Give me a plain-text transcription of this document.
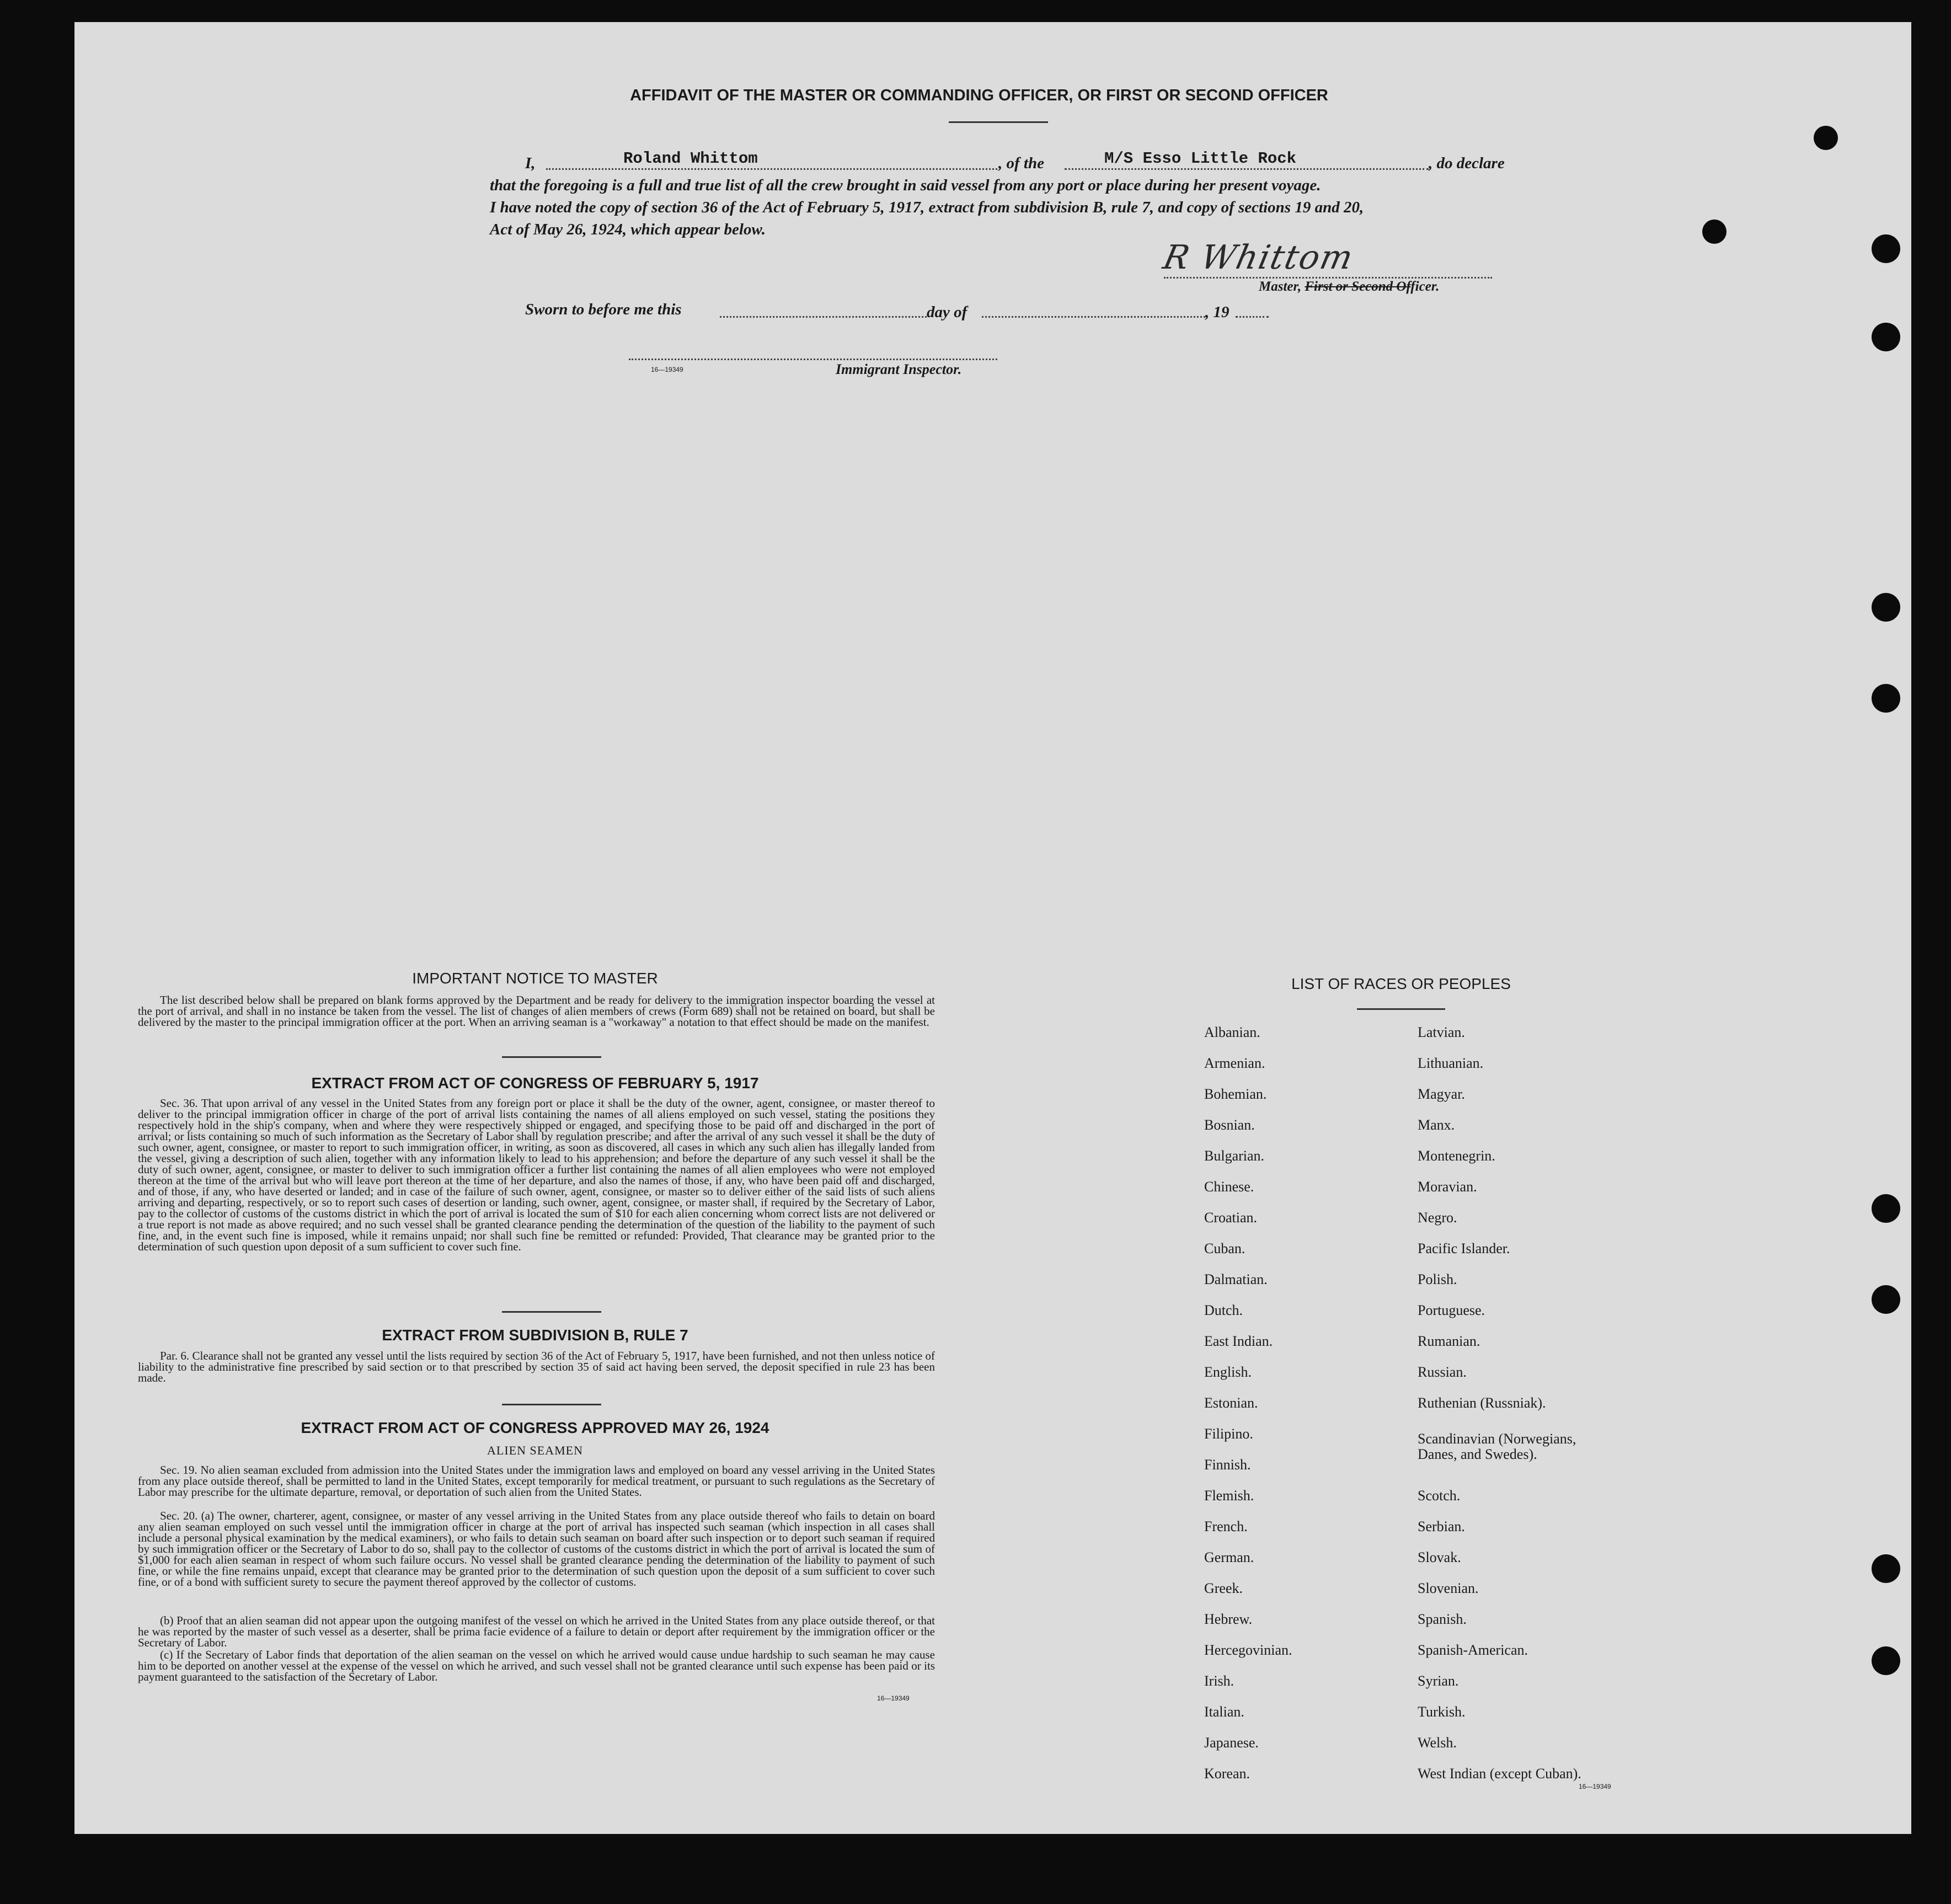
AFFIDAVIT OF THE MASTER OR COMMANDING OFFICER, OR FIRST OR SECOND OFFICER
I,	Roland Whittom	, of the	M/S Esso Little Rock	, do declare
that the foregoing is a full and true list of all the crew brought in said vessel from any port or place during her present voyage.
I have noted the copy of section 36 of the Act of February 5, 1917, extract from subdivision B, rule 7, and copy of sections 19 and 20,
Act of May 26, 1924, which appear below.
R Whittom
Master, First or Second Officer.
Sworn to before me this	day of	, 19
16—19349	Immigrant Inspector.
IMPORTANT NOTICE TO MASTER
The list described below shall be prepared on blank forms approved by the Department and be ready for delivery to the immigration inspector boarding the vessel at the port of arrival, and shall in no instance be taken from the vessel. The list of changes of alien members of crews (Form 689) shall not be retained on board, but shall be delivered by the master to the principal immigration officer at the port. When an arriving seaman is a "workaway" a notation to that effect should be made on the manifest.
EXTRACT FROM ACT OF CONGRESS OF FEBRUARY 5, 1917
Sec. 36. That upon arrival of any vessel in the United States from any foreign port or place it shall be the duty of the owner, agent, consignee, or master thereof to deliver to the principal immigration officer in charge of the port of arrival lists containing the names of all aliens employed on such vessel, stating the positions they respectively hold in the ship's company, when and where they were respectively shipped or engaged, and specifying those to be paid off and discharged in the port of arrival; or lists containing so much of such information as the Secretary of Labor shall by regulation prescribe; and after the arrival of any such vessel it shall be the duty of such owner, agent, consignee, or master to report to such immigration officer, in writing, as soon as discovered, all cases in which any such alien has illegally landed from the vessel, giving a description of such alien, together with any information likely to lead to his apprehension; and before the departure of any such vessel it shall be the duty of such owner, agent, consignee, or master to deliver to such immigration officer a further list containing the names of all alien employees who were not employed thereon at the time of the arrival but who will leave port thereon at the time of her departure, and also the names of those, if any, who have been paid off and discharged, and of those, if any, who have deserted or landed; and in case of the failure of such owner, agent, consignee, or master so to deliver either of the said lists of such aliens arriving and departing, respectively, or so to report such cases of desertion or landing, such owner, agent, consignee, or master shall, if required by the Secretary of Labor, pay to the collector of customs of the customs district in which the port of arrival is located the sum of $10 for each alien concerning whom correct lists are not delivered or a true report is not made as above required; and no such vessel shall be granted clearance pending the determination of the question of the liability to the payment of such fine, and, in the event such fine is imposed, while it remains unpaid; nor shall such fine be remitted or refunded: Provided, That clearance may be granted prior to the determination of such question upon deposit of a sum sufficient to cover such fine.
EXTRACT FROM SUBDIVISION B, RULE 7
Par. 6. Clearance shall not be granted any vessel until the lists required by section 36 of the Act of February 5, 1917, have been furnished, and not then unless notice of liability to the administrative fine prescribed by said section or to that prescribed by section 35 of said act having been served, the deposit specified in rule 23 has been made.
EXTRACT FROM ACT OF CONGRESS APPROVED MAY 26, 1924
ALIEN SEAMEN
Sec. 19. No alien seaman excluded from admission into the United States under the immigration laws and employed on board any vessel arriving in the United States from any place outside thereof, shall be permitted to land in the United States, except temporarily for medical treatment, or pursuant to such regulations as the Secretary of Labor may prescribe for the ultimate departure, removal, or deportation of such alien from the United States.
Sec. 20. (a) The owner, charterer, agent, consignee, or master of any vessel arriving in the United States from any place outside thereof who fails to detain on board any alien seaman employed on such vessel until the immigration officer in charge at the port of arrival has inspected such seaman (which inspection in all cases shall include a personal physical examination by the medical examiners), or who fails to detain such seaman on board after such inspection or to deport such seaman if required by such immigration officer or the Secretary of Labor to do so, shall pay to the collector of customs of the customs district in which the port of arrival is located the sum of $1,000 for each alien seaman in respect of whom such failure occurs. No vessel shall be granted clearance pending the determination of the liability to payment of such fine, or while the fine remains unpaid, except that clearance may be granted prior to the determination of such question upon the deposit of a sum sufficient to cover such fine, or of a bond with sufficient surety to secure the payment thereof approved by the collector of customs.
(b) Proof that an alien seaman did not appear upon the outgoing manifest of the vessel on which he arrived in the United States from any place outside thereof, or that he was reported by the master of such vessel as a deserter, shall be prima facie evidence of a failure to detain or deport after requirement by the immigration officer or the Secretary of Labor.
(c) If the Secretary of Labor finds that deportation of the alien seaman on the vessel on which he arrived would cause undue hardship to such seaman he may cause him to be deported on another vessel at the expense of the vessel on which he arrived, and such vessel shall not be granted clearance until such expense has been paid or its payment guaranteed to the satisfaction of the Secretary of Labor.
16—19349
LIST OF RACES OR PEOPLES
Albanian.
Armenian.
Bohemian.
Bosnian.
Bulgarian.
Chinese.
Croatian.
Cuban.
Dalmatian.
Dutch.
East Indian.
English.
Estonian.
Filipino.
Finnish.
Flemish.
French.
German.
Greek.
Hebrew.
Hercegovinian.
Irish.
Italian.
Japanese.
Korean.
Latvian.
Lithuanian.
Magyar.
Manx.
Montenegrin.
Moravian.
Negro.
Pacific Islander.
Polish.
Portuguese.
Rumanian.
Russian.
Ruthenian (Russniak).
Scandinavian (Norwegians, Danes, and Swedes).
Scotch.
Serbian.
Slovak.
Slovenian.
Spanish.
Spanish-American.
Syrian.
Turkish.
Welsh.
West Indian (except Cuban).
16—19349
